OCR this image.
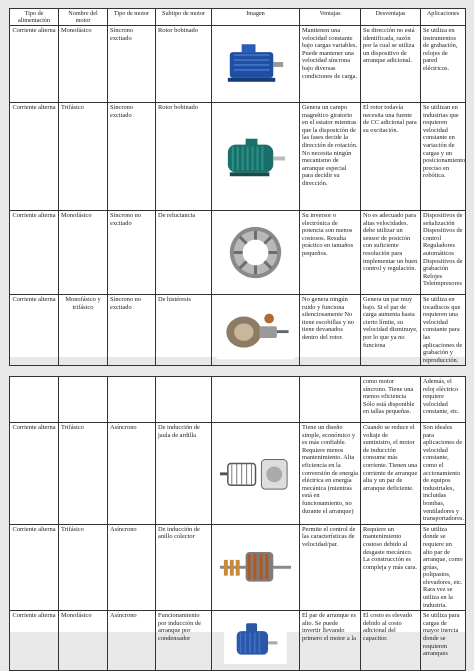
Tipo de alimentación	Nombre del motor	Tipo de motor	Subtipo de motor	Imagen	Ventajas	Desventajas	Aplicaciones
Corriente alterna	Monofásico	Síncrono excitado	Rotor bobinado		Mantienen una velocidad constante bajo cargas variables. Puede mantener una velocidad síncrona bajo diversas condiciones de carga.	Su dirección no está identificada, razón por la cual se utiliza un dispositivo de arranque adicional.	Se utiliza en instrumentos de grabación, relojes de pared eléctricos.
Corriente alterna	Trifásico	Síncrono excitado	Rotor bobinado		Genera un campo magnético giratorio en el estator mientras que la disposición de las fases decide la dirección de rotación. No necesita ningún mecanismo de arranque especial para decidir su dirección.	El rotor todavía necesita una fuente de CC adicional para su excitación.	Se utilizan en industrias que requieren velocidad constante en variación de cargas y un posicionamiento preciso en robótica.
Corriente alterna	Monofásico	Síncrono no excitado	De reluctancia		Su inversor o electrónica de potencia son menos costosos. Resulta práctico en tamaños pequeños.	No es adecuado para altas velocidades. debe utilizar un sensor de posición con suficiente resolución para implementar un buen control y regulación.	Dispositivos de señalización Dispositivos de control Reguladores automáticos Dispositivos de grabación Relojes Teleimpresores
Corriente alterna	Monofásico y trifásico	Síncrono no excitado	De histéresis		No genera ningún ruido y funciona silenciosamente No tiene escobillas y no tiene devanados dentro del rotor.	Genera un par muy bajo. Si el par de carga aumenta hasta cierto límite, su velocidad disminuye, por lo que ya no funciona	Se utiliza en tocadiscos que requieren una velocidad constante para las aplicaciones de grabación y reproducción.
						como motor síncrono. Tiene una menos eficiencia Sólo está disponible en tallas pequeñas.	Además, el reloj eléctrico requiere velocidad constante, etc.
Corriente alterna	Trifásico	Asíncrono	De inducción de jaula de ardilla		Tiene un diseño simple, económico y es más confiable. Requiere menos mantenimiento. Alta eficiencia en la conversión de energía eléctrica en energía mecánica (mientras está en funcionamiento, no durante el arranque)	Cuando se reduce el voltaje de suministro, el motor de inducción consume más corriente. Tienen una corriente de arranque alta y un par de arranque deficiente.	Son ideales para aplicaciones de velocidad constante, como el accionamiento de equipos industriales, incluidas bombas, ventiladores y transportadores.
Corriente alterna	Trifásico	Asíncrono	De inducción de anillo colector		Permite el control de las características de velocidad/par.	Requiere un mantenimiento costoso debido al desgaste mecánico. La construcción es compleja y más cara.	Se utiliza donde se requiere un alto par de arranque, como grúas, polipastos, elevadores, etc. Rara vez se utiliza en la industria.
Corriente alterna	Monofásico	Asíncrono	Funcionamiento por inducción de arranque por condensador		El par de arranque es alto. Se puede invertir llevando primero el motor a la	El costo es elevado debido al costo adicional del capacitor.	Se utiliza para cargas de mayor inercia donde se requieren arranques
